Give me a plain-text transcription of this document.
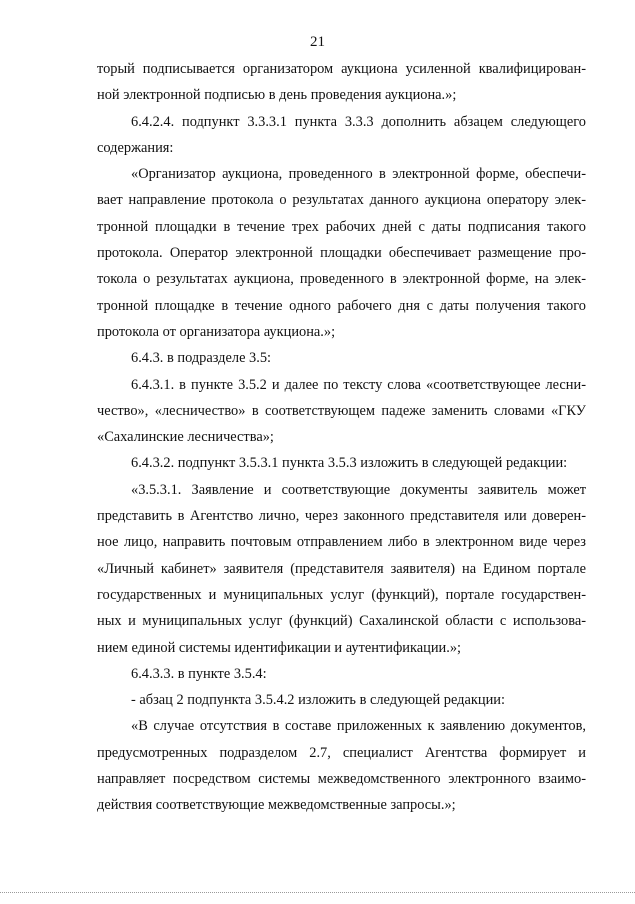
21

торый подписывается организатором аукциона усиленной квалифицирован-ной электронной подписью в день проведения аукциона.»;

6.4.2.4. подпункт 3.3.3.1 пункта 3.3.3 дополнить абзацем следующего содержания:

«Организатор аукциона, проведенного в электронной форме, обеспечи-вает направление протокола о результатах данного аукциона оператору элек-тронной площадки в течение трех рабочих дней с даты подписания такого протокола. Оператор электронной площадки обеспечивает размещение про-токола о результатах аукциона, проведенного в электронной форме, на элек-тронной площадке в течение одного рабочего дня с даты получения такого протокола от организатора аукциона.»;

6.4.3. в подразделе 3.5:

6.4.3.1. в пункте 3.5.2 и далее по тексту слова «соответствующее лесни-чество», «лесничество» в соответствующем падеже заменить словами «ГКУ «Сахалинские лесничества»;

6.4.3.2. подпункт 3.5.3.1 пункта 3.5.3 изложить в следующей редакции:

«3.5.3.1. Заявление и соответствующие документы заявитель может представить в Агентство лично, через законного представителя или доверен-ное лицо, направить почтовым отправлением либо в электронном виде через «Личный кабинет» заявителя (представителя заявителя) на Едином портале государственных и муниципальных услуг (функций), портале государствен-ных и муниципальных услуг (функций) Сахалинской области с использова-нием единой системы идентификации и аутентификации.»;

6.4.3.3. в пункте 3.5.4:

- абзац 2 подпункта 3.5.4.2 изложить в следующей редакции:

«В случае отсутствия в составе приложенных к заявлению документов, предусмотренных подразделом 2.7, специалист Агентства формирует и направляет посредством системы межведомственного электронного взаимо-действия соответствующие межведомственные запросы.»;
